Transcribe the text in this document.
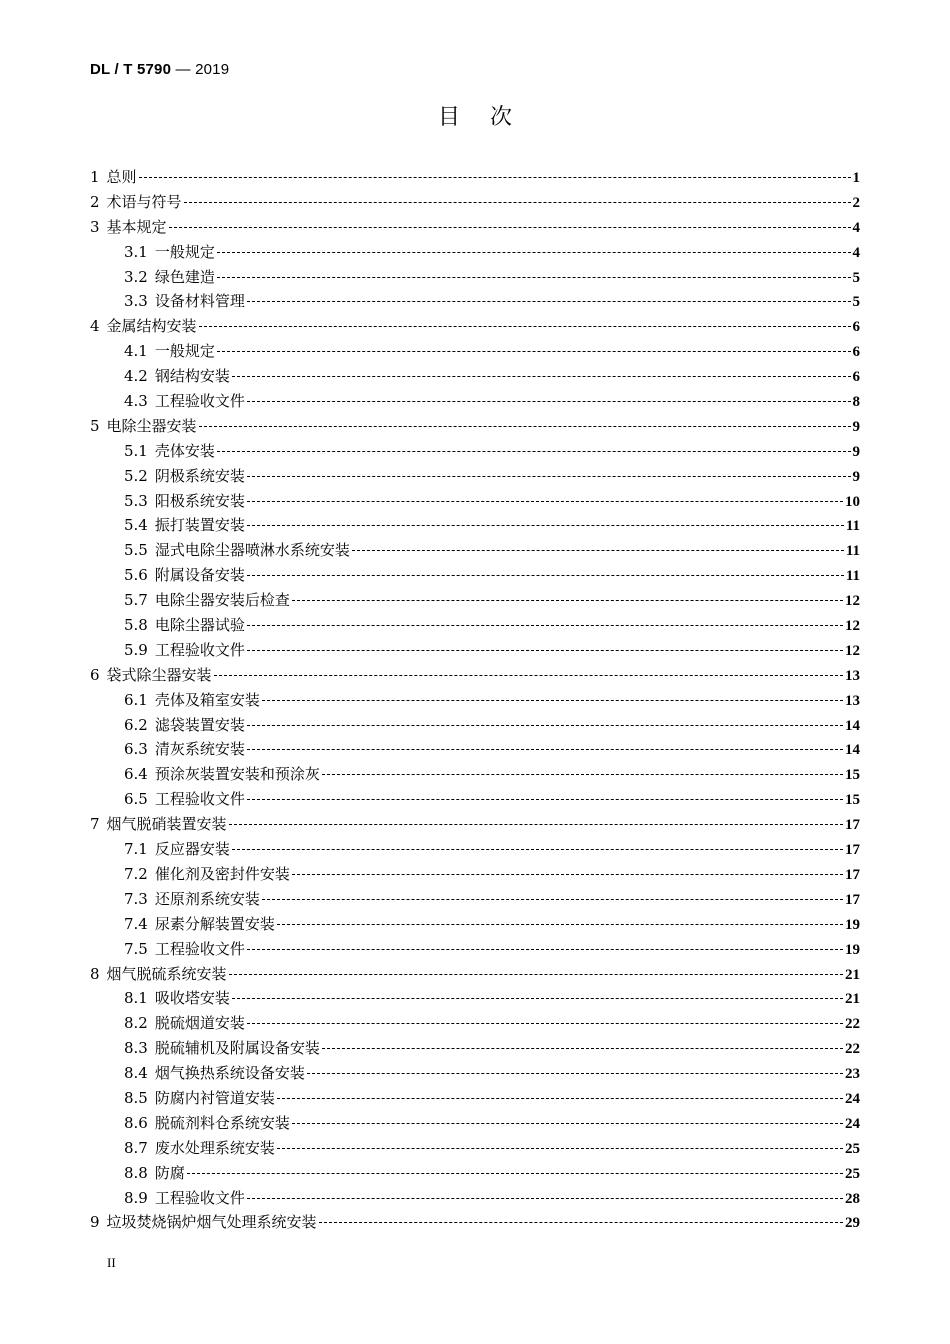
DL / T 5790 — 2019
目次
1 总则	1
2 术语与符号	2
3 基本规定	4
3.1 一般规定	4
3.2 绿色建造	5
3.3 设备材料管理	5
4 金属结构安装	6
4.1 一般规定	6
4.2 钢结构安装	6
4.3 工程验收文件	8
5 电除尘器安装	9
5.1 壳体安装	9
5.2 阴极系统安装	9
5.3 阳极系统安装	10
5.4 振打装置安装	11
5.5 湿式电除尘器喷淋水系统安装	11
5.6 附属设备安装	11
5.7 电除尘器安装后检查	12
5.8 电除尘器试验	12
5.9 工程验收文件	12
6 袋式除尘器安装	13
6.1 壳体及箱室安装	13
6.2 滤袋装置安装	14
6.3 清灰系统安装	14
6.4 预涂灰装置安装和预涂灰	15
6.5 工程验收文件	15
7 烟气脱硝装置安装	17
7.1 反应器安装	17
7.2 催化剂及密封件安装	17
7.3 还原剂系统安装	17
7.4 尿素分解装置安装	19
7.5 工程验收文件	19
8 烟气脱硫系统安装	21
8.1 吸收塔安装	21
8.2 脱硫烟道安装	22
8.3 脱硫辅机及附属设备安装	22
8.4 烟气换热系统设备安装	23
8.5 防腐内衬管道安装	24
8.6 脱硫剂料仓系统安装	24
8.7 废水处理系统安装	25
8.8 防腐	25
8.9 工程验收文件	28
9 垃圾焚烧锅炉烟气处理系统安装	29
II
